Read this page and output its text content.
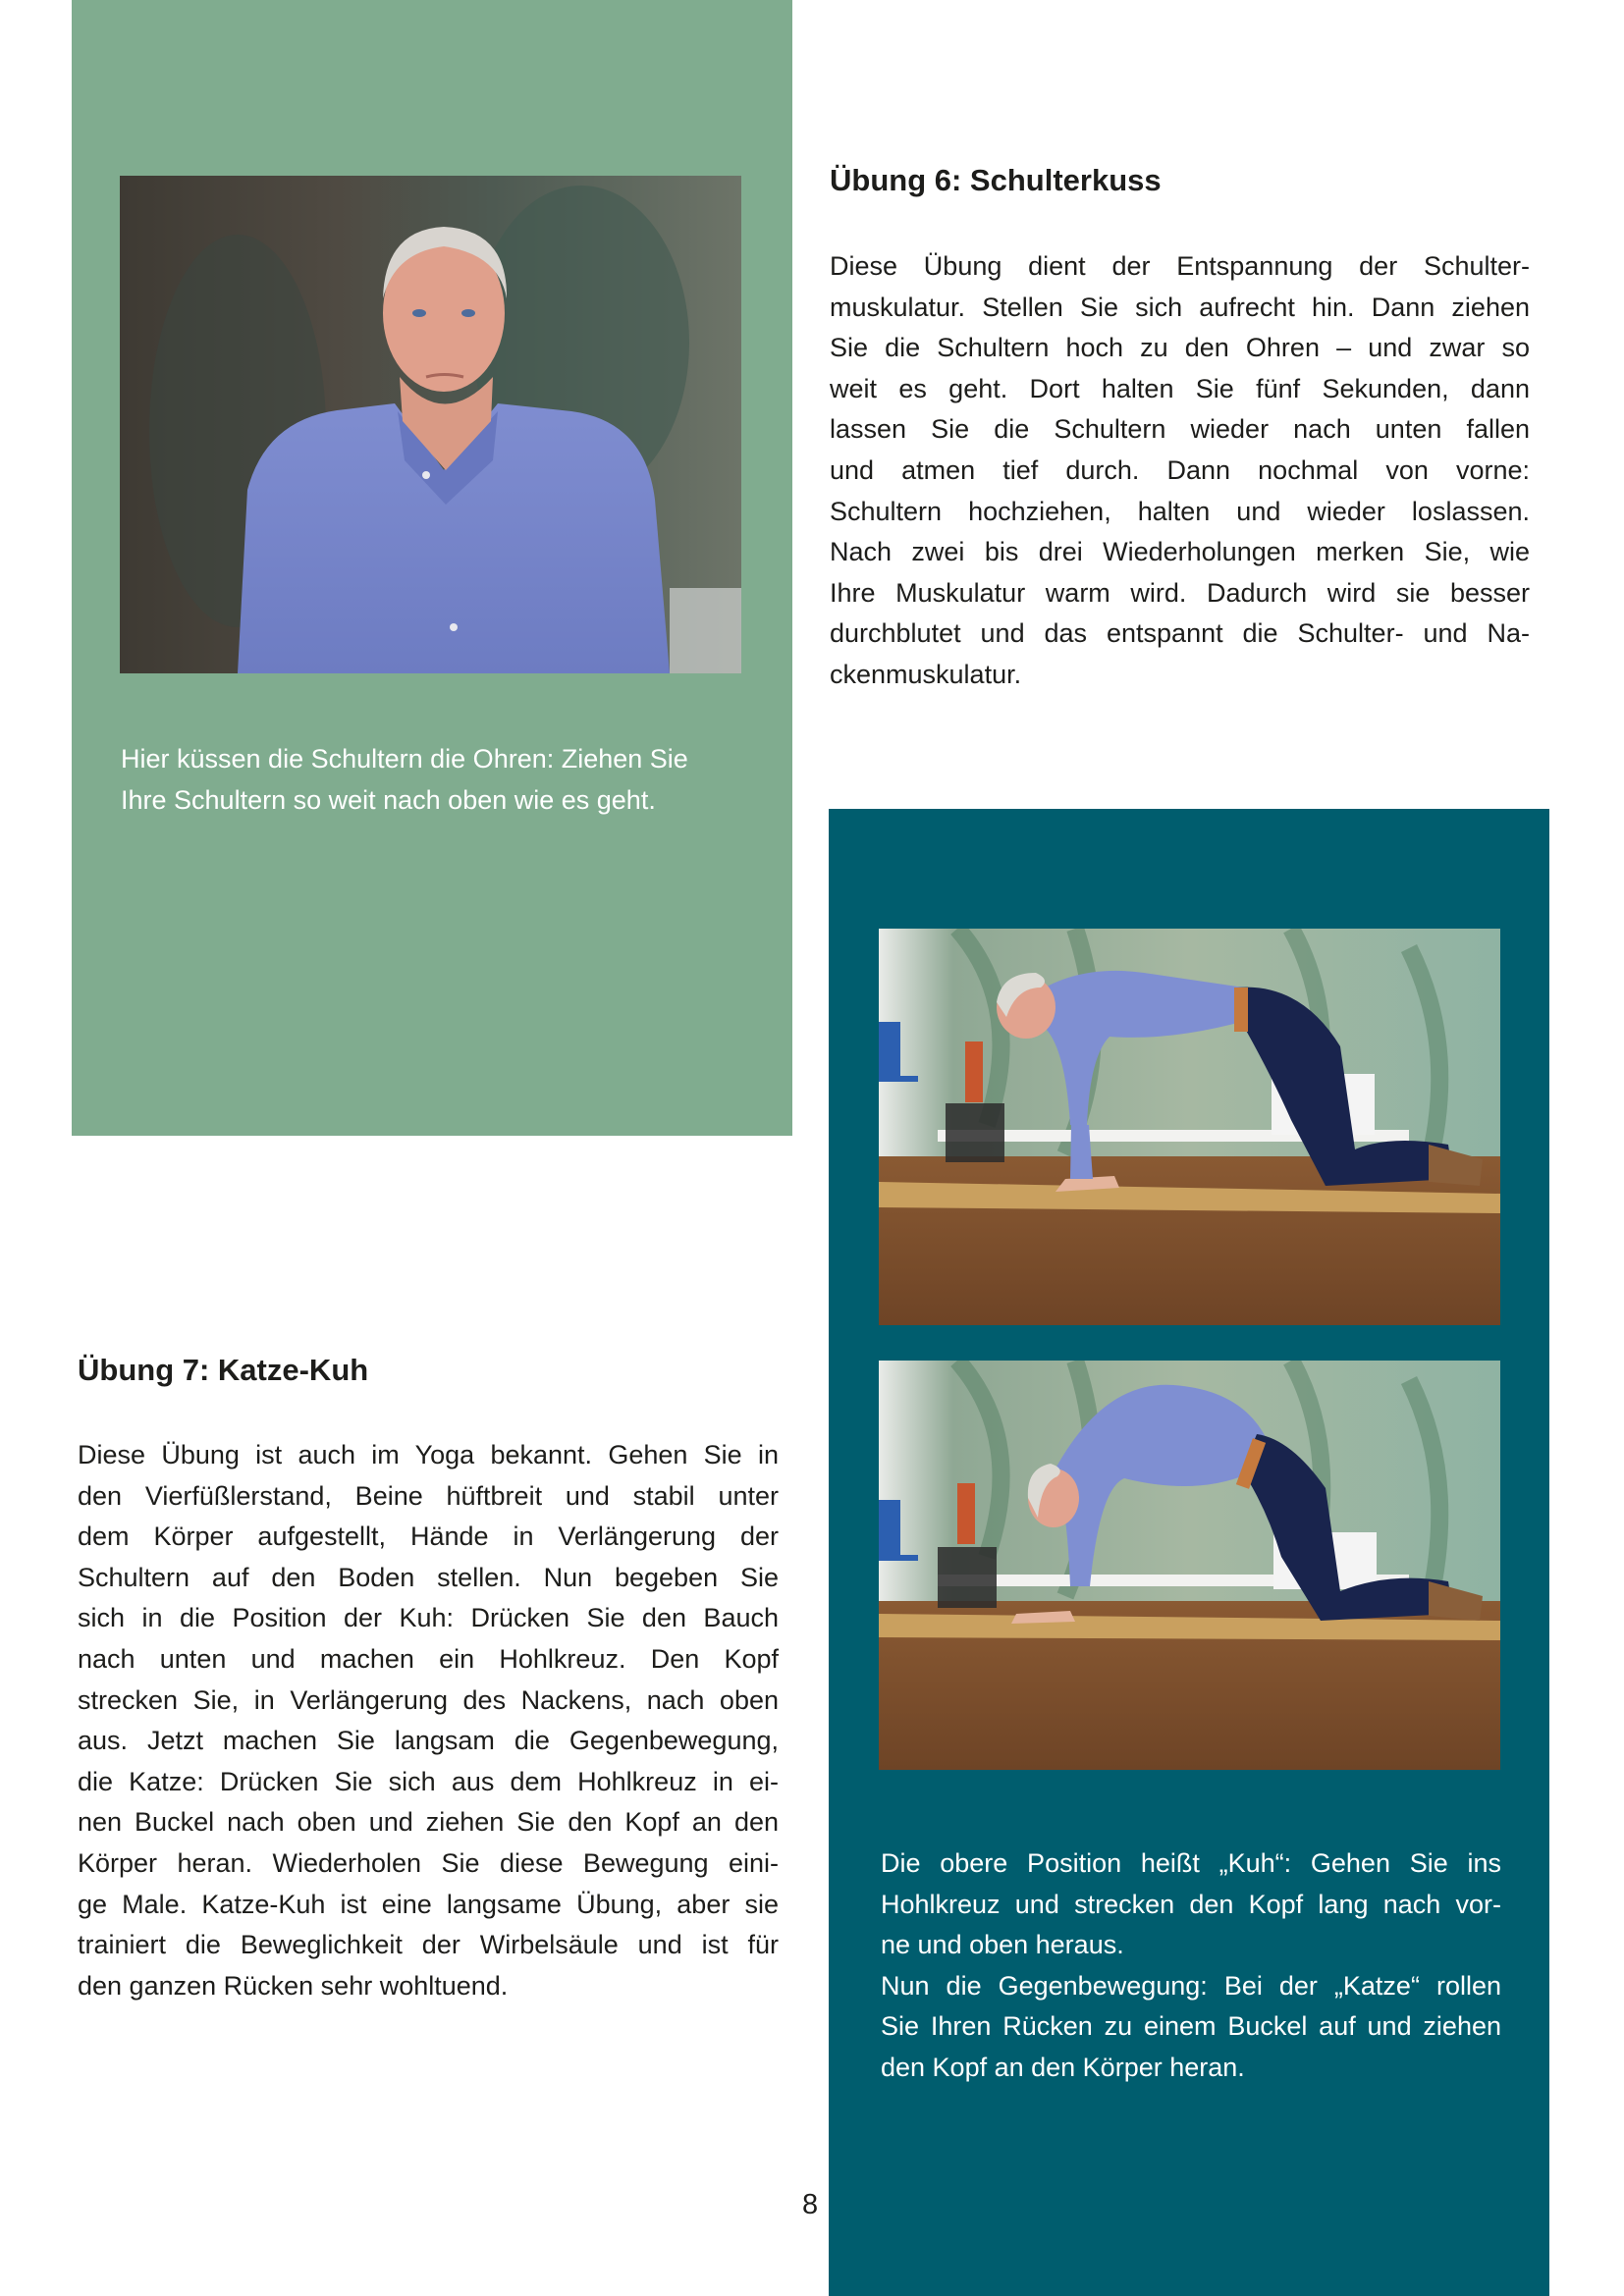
Hier küssen die Schultern die Ohren: Ziehen Sie
Ihre Schultern so weit nach oben wie es geht.
Übung 6: Schulterkuss
Diese Übung dient der Entspannung der Schulter-
muskulatur. Stellen Sie sich aufrecht hin. Dann ziehen
Sie die Schultern hoch zu den Ohren – und zwar so
weit es geht. Dort halten Sie fünf Sekunden, dann
lassen Sie die Schultern wieder nach unten fallen
und atmen tief durch. Dann nochmal von vorne:
Schultern hochziehen, halten und wieder loslassen.
Nach zwei bis drei Wiederholungen merken Sie, wie
Ihre Muskulatur warm wird. Dadurch wird sie besser
durchblutet und das entspannt die Schulter- und Na-
ckenmuskulatur.
Die obere Position heißt „Kuh“: Gehen Sie ins
Hohlkreuz und strecken den Kopf lang nach vor-
ne und oben heraus.
Nun die Gegenbewegung: Bei der „Katze“ rollen
Sie Ihren Rücken zu einem Buckel auf und ziehen
den Kopf an den Körper heran.
Übung 7: Katze-Kuh
Diese Übung ist auch im Yoga bekannt. Gehen Sie in
den Vierfüßlerstand, Beine hüftbreit und stabil unter
dem Körper aufgestellt, Hände in Verlängerung der
Schultern auf den Boden stellen. Nun begeben Sie
sich in die Position der Kuh: Drücken Sie den Bauch
nach unten und machen ein Hohlkreuz. Den Kopf
strecken Sie, in Verlängerung des Nackens, nach oben
aus. Jetzt machen Sie langsam die Gegenbewegung,
die Katze: Drücken Sie sich aus dem Hohlkreuz in ei-
nen Buckel nach oben und ziehen Sie den Kopf an den
Körper heran. Wiederholen Sie diese Bewegung eini-
ge Male. Katze-Kuh ist eine langsame Übung, aber sie
trainiert die Beweglichkeit der Wirbelsäule und ist für
den ganzen Rücken sehr wohltuend.
8
